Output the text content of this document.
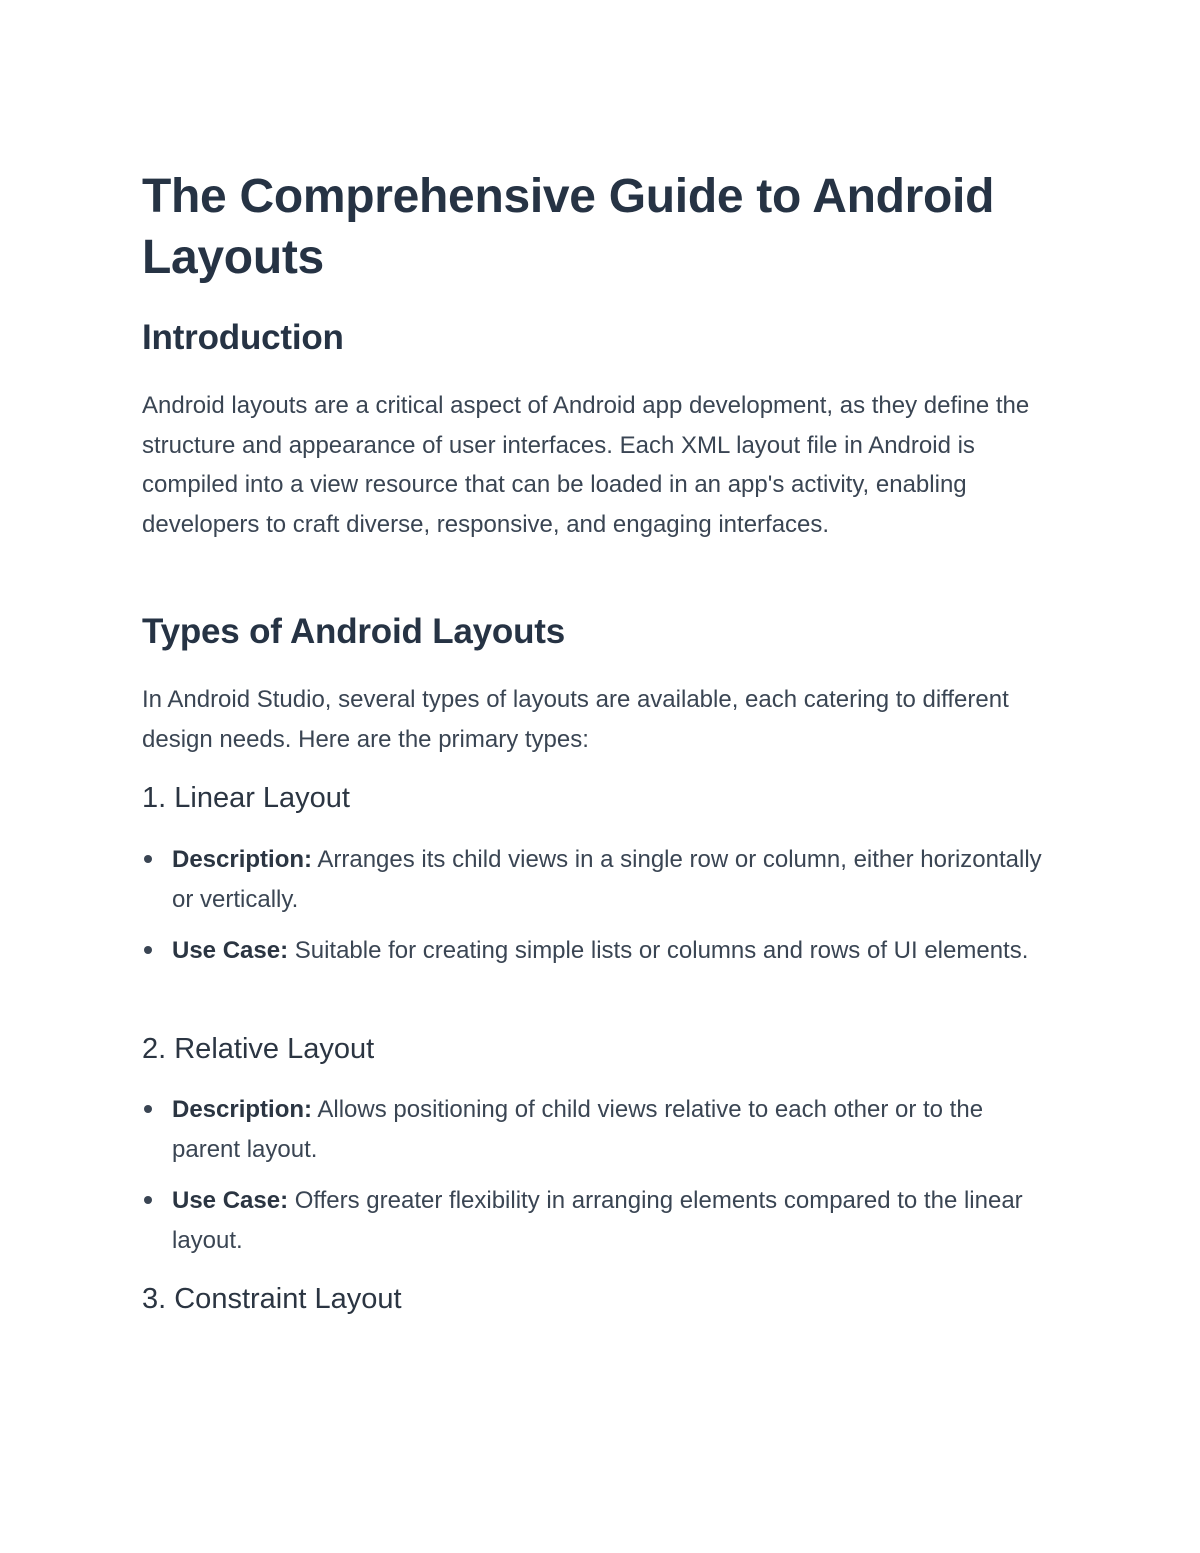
The Comprehensive Guide to Android Layouts
Introduction

Android layouts are a critical aspect of Android app development, as they define the structure and appearance of user interfaces. Each XML layout file in Android is compiled into a view resource that can be loaded in an app's activity, enabling developers to craft diverse, responsive, and engaging interfaces.

Types of Android Layouts

In Android Studio, several types of layouts are available, each catering to different design needs. Here are the primary types:

1. Linear Layout
Description: Arranges its child views in a single row or column, either horizontally or vertically.
Use Case: Suitable for creating simple lists or columns and rows of UI elements.
2. Relative Layout
Description: Allows positioning of child views relative to each other or to the parent layout.
Use Case: Offers greater flexibility in arranging elements compared to the linear layout.
3. Constraint Layout
